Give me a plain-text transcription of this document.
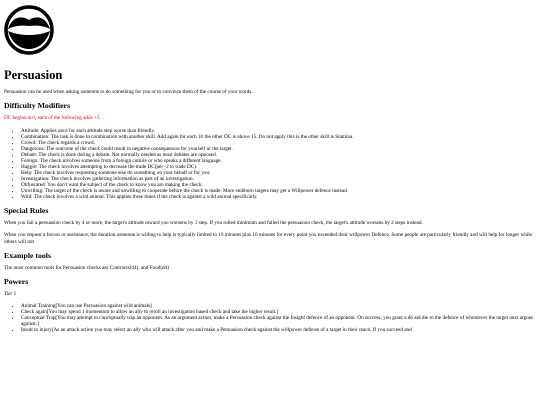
Persuasion

Persuasion can be used when asking someone to do something for you or to convince them of the course of your words.

Difficulty Modifiers

DC begins at 0, each of the following adds +5.

• Attitude: Applies once for each attitude step worse than friendly.
• Combination: The task is done in combination with another skill. Add again for each 10 the other DC is above 15. Do not apply this is the other skill is Stamina.
• Crowd: The check regards a crowd.
• Dangerous: The outcome of the check could result in negative consequences for yourself or the target.
• Debate: The check is done during a debate. Not normally needed as most debates are opposed.
• Foreign: The check involves someone from a foreign culture or who speaks a different language.
• Haggle: The check involves attempting to decrease the trade DC(per -2 to trade DC).
• Help: The check involves requesting someone else do something on your behalf or for you.
• Investigation: The check involves gathering information as part of an investigation.
• Obfuscated: You don't want the subject of the check to know you are making the check.
• Unwilling: The target of the check is aware and unwilling to cooperate before the check is made. More stubborn targets may get a Willpower defence instead.
• Wild: The check involves a wild animal. This applies three times if the check is against a wild animal specifically.
Special Rules

When you fail a persuasion check by 4 or more, the target's attitude toward you worsens by 1 step. If you rolled minimum and failed the persuasion check, the target's attitude worsens by 2 steps instead.

When you request a favour or assistance, the duration someone is willing to help is typically limited to 10 minutes plus 10 minutes for every point you exceeded their willpower Defence. Some people are particularly friendly and will help for longer while others will not

Example tools

The most common tools for Persuasion checks are Contracts(d4), and Food(d4)

Powers

Tier 1

• Animal Training[You can use Persuasion against wild animals]
• Check again[You may spend 1 momentum to allow an ally to reroll an investigation based check and take the higher result.]
• Conceptual Trap[You may attempt to conceptually trap an opponent. As an argument action, make a Persuasion check against the Insight defence of an opponent. On success, you grant a d6 aid die to the defence of whomever the target next argues against.]
• Insult to injury[As an attack action you may select an ally who will attack after you and make a Persuasion check against the willpower defense of a target in their reach. If you succeed and
